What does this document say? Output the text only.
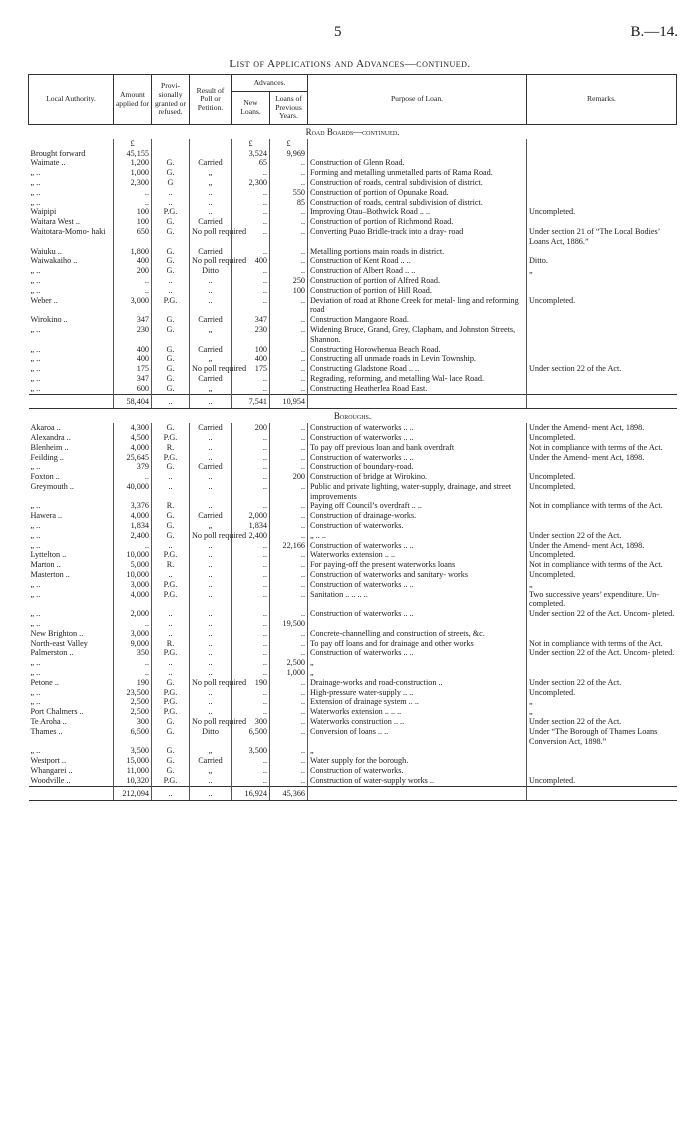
5	B.—14.
List of Applications and Advances—continued.
Local Authority.	Amount applied for	Provi- sionally granted or refused.	Result of Poll or Petition.	Advances.		Purpose of Loan.	Remarks.
				New Loans.	Loans of Previous Years.		
Road Boards—continued.							
	£			£	£		
Brought forward	45,155			3,524	9,969		
Waimate ..	1,200	G.	Carried	65	..	Construction of Glenn Road.	
„ ..	1,000	G.	„	..	..	Forming and metalling unmetalled parts of Rama Road.	
„ ..	2,300	G	„	2,300	..	Construction of roads, central subdivision of district.	
„ ..	..	..	..	..	550	Construction of portion of Opunake Road.	
„ ..	..	..	..	..	85	Construction of roads, central subdivision of district.	
Waipipi	100	P.G.	..	..	..	Improving Otau–Bothwick Road .. ..	Uncompleted.
Waitara West ..	100	G.	Carried	..	..	Construction of portion of Richmond Road.	
Waitotara-Momo- haki	650	G.	No poll required	..	..	Converting Puao Bridle-track into a dray- road	Under section 21 of “The Local Bodies’ Loans Act, 1886.”
Waiuku ..	1,800	G.	Carried	..	..	Metalling portions main roads in district.	
Waiwakaiho ..	400	G.	No poll required	400	..	Construction of Kent Road .. ..	Ditto.
„ ..	200	G.	Ditto	..	..	Construction of Albert Road .. ..	„
„ ..	..	..	..	..	250	Construction of portion of Alfred Road.	
„ ..	..	..	..	..	100	Construction of portion of Hill Road.	
Weber ..	3,000	P.G.	..	..	..	Deviation of road at Rhone Creek for metal- ling and reforming road	Uncompleted.
Wirokino ..	347	G.	Carried	347	..	Construction Mangaore Road.	
„ ..	230	G.	„	230	..	Widening Bruce, Grand, Grey, Clapham, and Johnston Streets, Shannon.	
„ ..	400	G.	Carried	100	..	Constructing Horowhenua Beach Road.	
„ ..	400	G.	„	400	..	Constructing all unmade roads in Levin Township.	
„ ..	175	G.	No poll required	175	..	Constructing Gladstone Road .. ..	Under section 22 of the Act.
„ ..	347	G.	Carried	..	..	Regrading, reforming, and metalling Wal- lace Road.	
„ ..	600	G.	„	..	..	Constructing Heatherlea Road East.	
	58,404	..	..	7,541	10,954		
Boroughs.							
Akaroa ..	4,300	G.	Carried	200	..	Construction of waterworks .. ..	Under the Amend- ment Act, 1898.
Alexandra ..	4,500	P.G.	..	..	..	Construction of waterworks .. ..	Uncompleted.
Blenheim ..	4,000	R.	..	..	..	To pay off previous loan and bank overdraft	Not in compliance with terms of the Act.
Feilding ..	25,645	P.G.	..	..	..	Construction of waterworks .. ..	Under the Amend- ment Act, 1898.
„ ..	379	G.	Carried	..	..	Construction of boundary-road.	
Foxton ..	..	..	..	..	200	Construction of bridge at Wirokino.	Uncompleted.
Greymouth ..	40,000	..	..	..	..	Public and private lighting, water-supply, drainage, and street improvements	Uncompleted.
„ ..	3,376	R.	..	..	..	Paying off Council’s overdraft .. ..	Not in compliance with terms of the Act.
Hawera ..	4,000	G.	Carried	2,000	..	Construction of drainage-works.	
„ ..	1,834	G.	„	1,834	..	Construction of waterworks.	
„ ..	2,400	G.	No poll required	2,400	..	„ .. ..	Under section 22 of the Act.
„ ..	..	..	..	..	22,166	Construction of waterworks .. ..	Under the Amend- ment Act, 1898.
Lyttelton ..	10,000	P.G.	..	..	..	Waterworks extension .. ..	Uncompleted.
Marton ..	5,000	R.	..	..	..	For paying-off the present waterworks loans	Not in compliance with terms of the Act.
Masterton ..	10,000	..	..	..	..	Construction of waterworks and sanitary- works	Uncompleted.
„ ..	3,000	P.G.	..	..	..	Construction of waterworks .. ..	„
„ ..	4,000	P.G.	..	..	..	Sanitation .. .. .. ..	Two successive years’ expenditure. Un- completed.
„ ..	2,000	..	..	..	..	Construction of waterworks .. ..	Under section 22 of the Act. Uncom- pleted.
„ ..	..	..	..	..	19,500		
New Brighton ..	3,000	..	..	..	..	Concrete-channelling and construction of streets, &c.	
North-east Valley	9,000	R.	..	..	..	To pay off loans and for drainage and other works	Not in compliance with terms of the Act.
Palmerston ..	350	P.G.	..	..	..	Construction of waterworks .. ..	Under section 22 of the Act. Uncom- pleted.
„ ..	..	..	..	..	2,500	„	
„ ..	..	..	..	..	1,000	„	
Petone ..	190	G.	No poll required	190	..	Drainage-works and road-construction ..	Under section 22 of the Act.
„ ..	23,500	P.G.	..	..	..	High-pressure water-supply .. ..	Uncompleted.
„ ..	2,500	P.G.	..	..	..	Extension of drainage system .. ..	„
Port Chalmers ..	2,500	P.G.	..	..	..	Waterworks extension .. .. ..	„
Te Aroha ..	300	G.	No poll required	300	..	Waterworks construction .. ..	Under section 22 of the Act.
Thames ..	6,500	G.	Ditto	6,500	..	Conversion of loans .. ..	Under “The Borough of Thames Loans Conversion Act, 1898.”
„ ..	3,500	G.	„	3,500	..	„	
Westport ..	15,000	G.	Carried	..	..	Water supply for the borough.	
Whangarei ..	11,000	G.	„	..	..	Construction of waterworks.	
Woodville ..	10,320	P.G.	..	..	..	Construction of water-supply works ..	Uncompleted.
	212,094	..	..	16,924	45,366		
